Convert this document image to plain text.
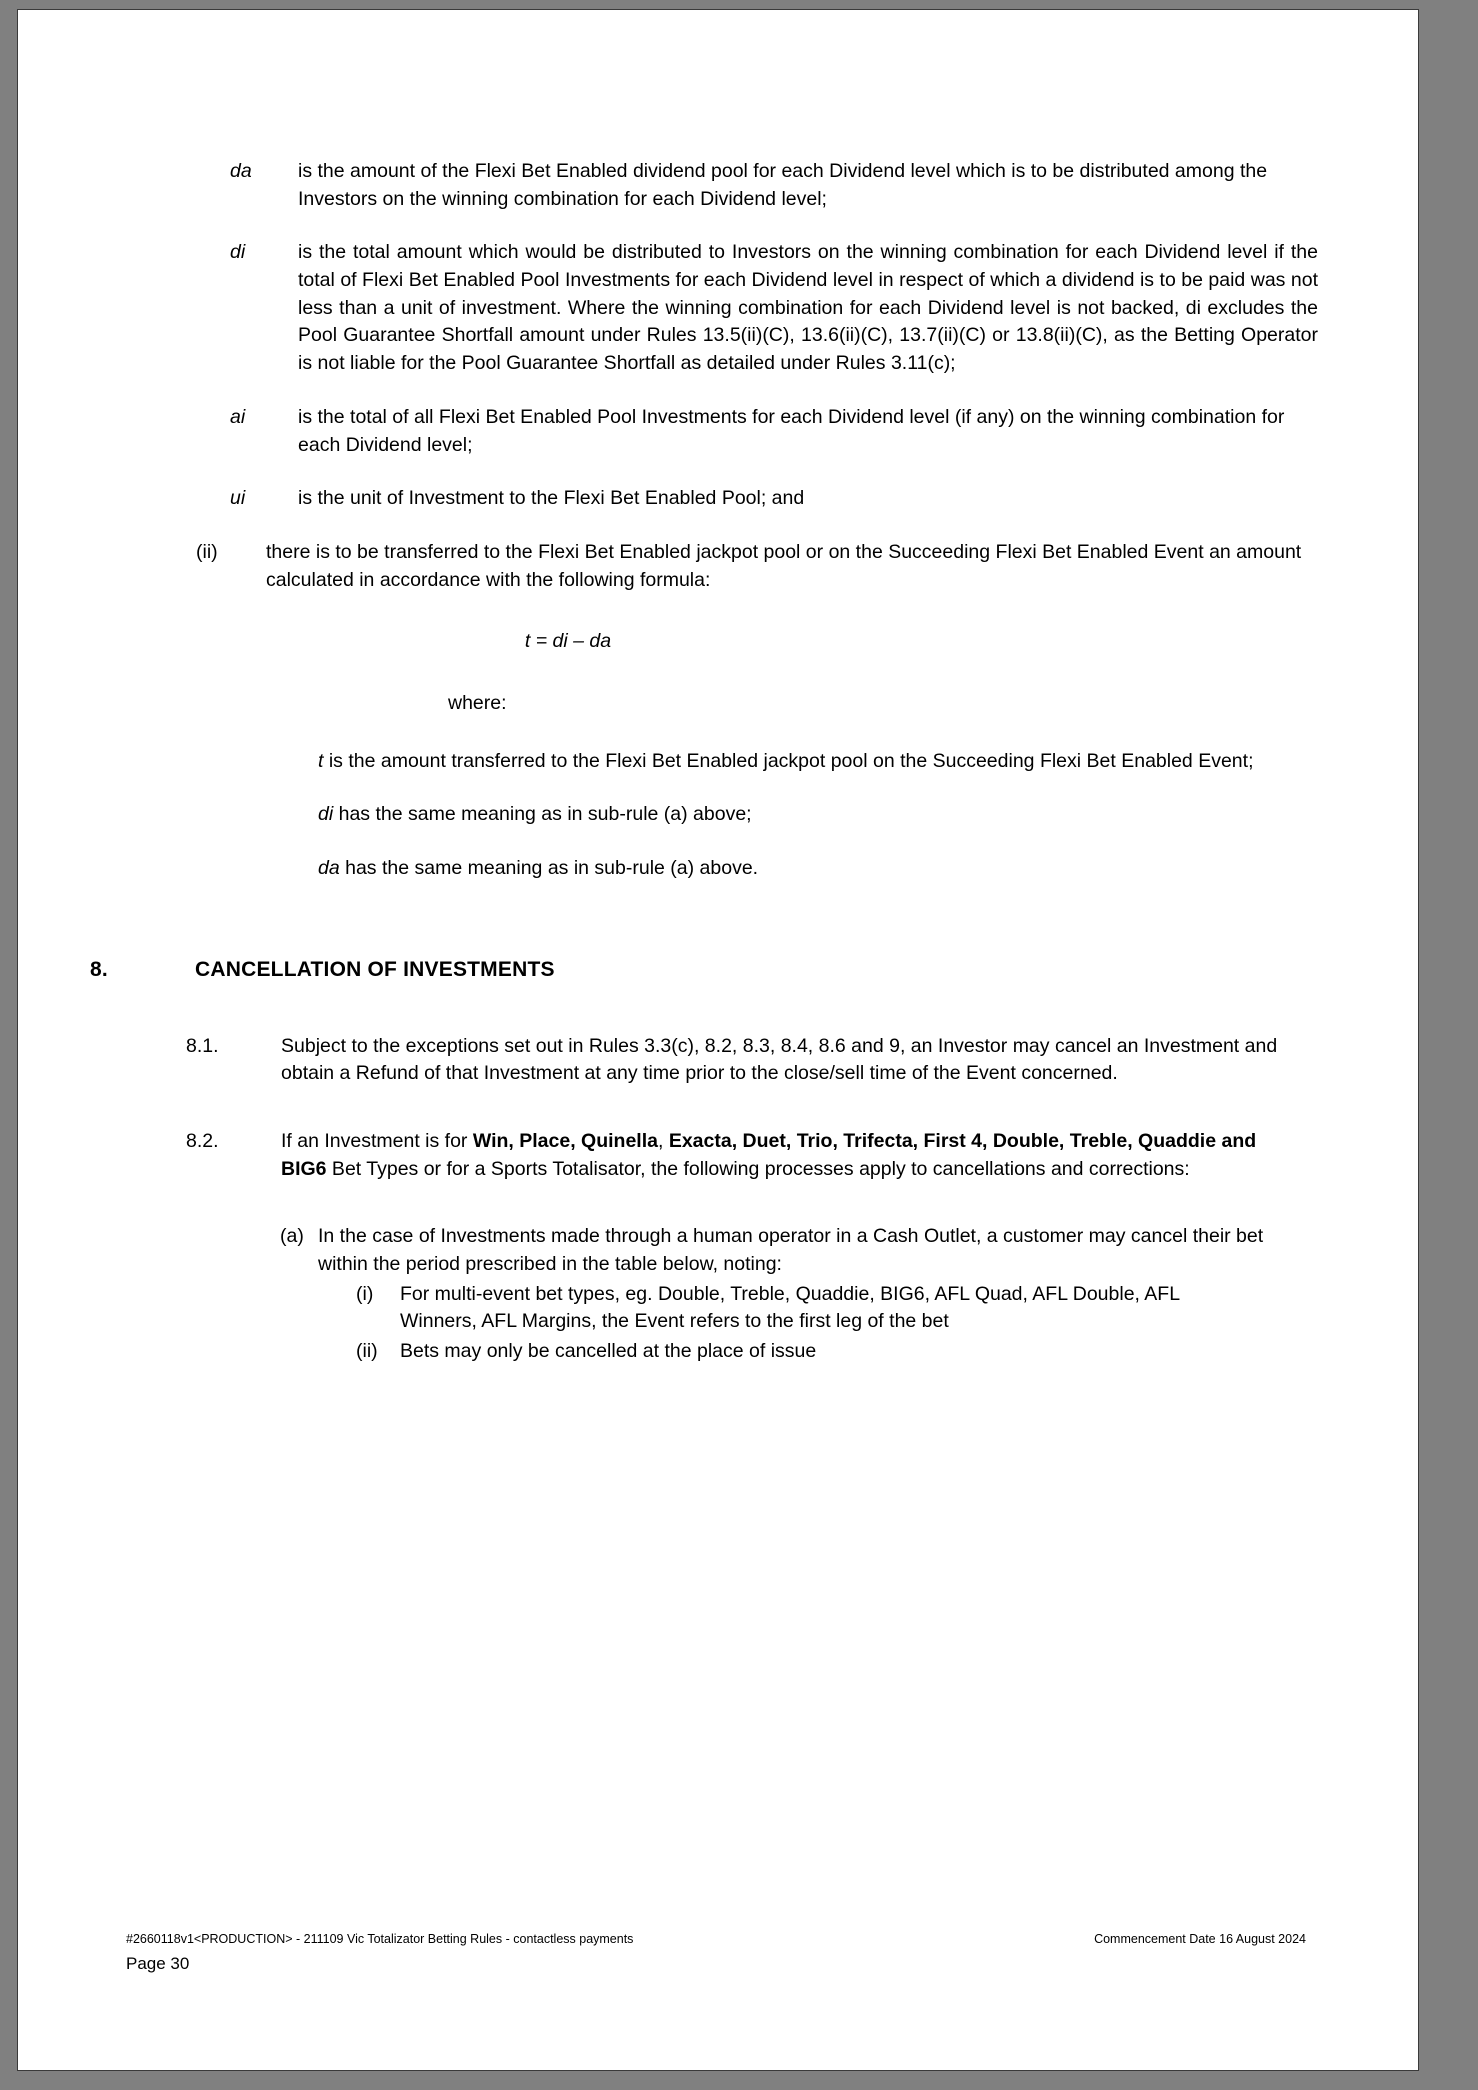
da	is the amount of the Flexi Bet Enabled dividend pool for each Dividend level which is to be distributed among the Investors on the winning combination for each Dividend level;
di	is the total amount which would be distributed to Investors on the winning combination for each Dividend level if the total of Flexi Bet Enabled Pool Investments for each Dividend level in respect of which a dividend is to be paid was not less than a unit of investment. Where the winning combination for each Dividend level is not backed, di excludes the Pool Guarantee Shortfall amount under Rules 13.5(ii)(C), 13.6(ii)(C), 13.7(ii)(C) or 13.8(ii)(C), as the Betting Operator is not liable for the Pool Guarantee Shortfall as detailed under Rules 3.11(c);
ai	is the total of all Flexi Bet Enabled Pool Investments for each Dividend level (if any) on the winning combination for each Dividend level;
ui	is the unit of Investment to the Flexi Bet Enabled Pool; and
(ii)	there is to be transferred to the Flexi Bet Enabled jackpot pool or on the Succeeding Flexi Bet Enabled Event an amount calculated in accordance with the following formula:
t = di – da
where:
t is the amount transferred to the Flexi Bet Enabled jackpot pool on the Succeeding Flexi Bet Enabled Event;
di has the same meaning as in sub-rule (a) above;
da has the same meaning as in sub-rule (a) above.
8.	CANCELLATION OF INVESTMENTS
8.1.	Subject to the exceptions set out in Rules 3.3(c), 8.2, 8.3, 8.4, 8.6 and 9, an Investor may cancel an Investment and obtain a Refund of that Investment at any time prior to the close/sell time of the Event concerned.
8.2.	If an Investment is for Win, Place, Quinella, Exacta, Duet, Trio, Trifecta, First 4, Double, Treble, Quaddie and BIG6 Bet Types or for a Sports Totalisator, the following processes apply to cancellations and corrections:
(a) In the case of Investments made through a human operator in a Cash Outlet, a customer may cancel their bet within the period prescribed in the table below, noting:
(i)	For multi-event bet types, eg. Double, Treble, Quaddie, BIG6, AFL Quad, AFL Double, AFL Winners, AFL Margins, the Event refers to the first leg of the bet
(ii)	Bets may only be cancelled at the place of issue
#2660118v1<PRODUCTION> - 211109 Vic Totalizator Betting Rules - contactless payments	Commencement Date 16 August 2024
Page 30
